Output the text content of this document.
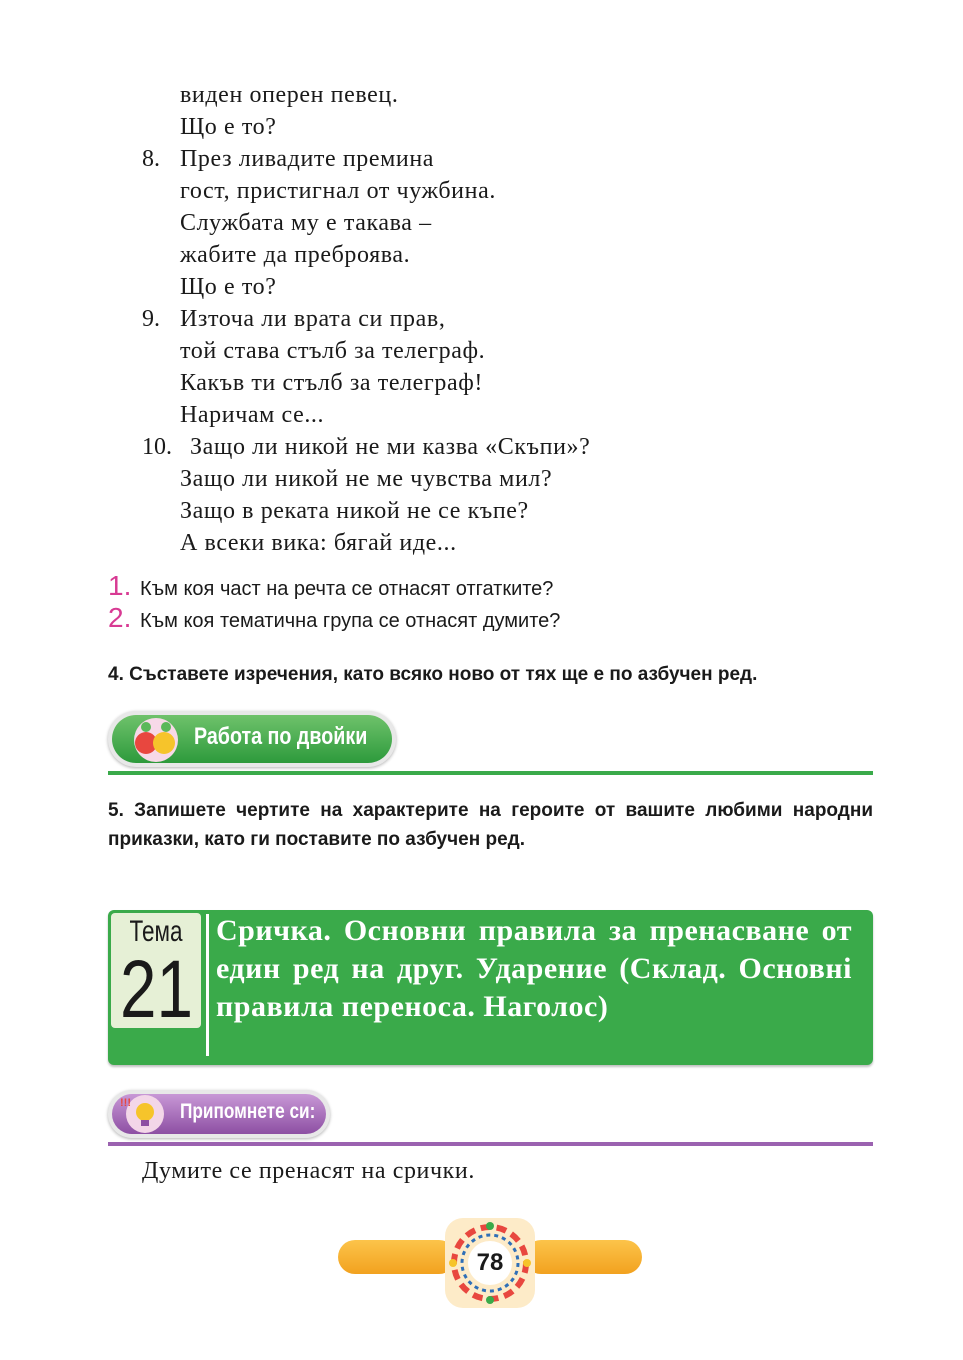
виден оперен певец.
Що е то?
8. През ливадите премина
гост, пристигнал от чужбина.
Службата му е такава –
жабите да преброява.
Що е то?
9. Източа ли врата си прав,
той става стълб за телеграф.
Какъв ти стълб за телеграф!
Наричам се...
10. Защо ли никой не ми казва «Скъпи»?
Защо ли никой не ме чувства мил?
Защо в реката никой не се къпе?
А всеки вика: бягай иде...
1. Към коя част на речта се отнасят отгатките?
2. Към коя тематична група се отнасят думите?
4. Съставете изречения, като всяко ново от тях ще е по азбучен ред.
Работа по двойки
5. Запишете чертите на характерите на героите от вашите любими народни приказки, като ги поставите по азбучен ред.
Тема
21
Сричка. Основни правила за пренасване от един ред на друг. Ударение (Склад. Основні правила переноса. Наголос)
!!! Припомнете си:
Думите се пренасят на срички.
78
